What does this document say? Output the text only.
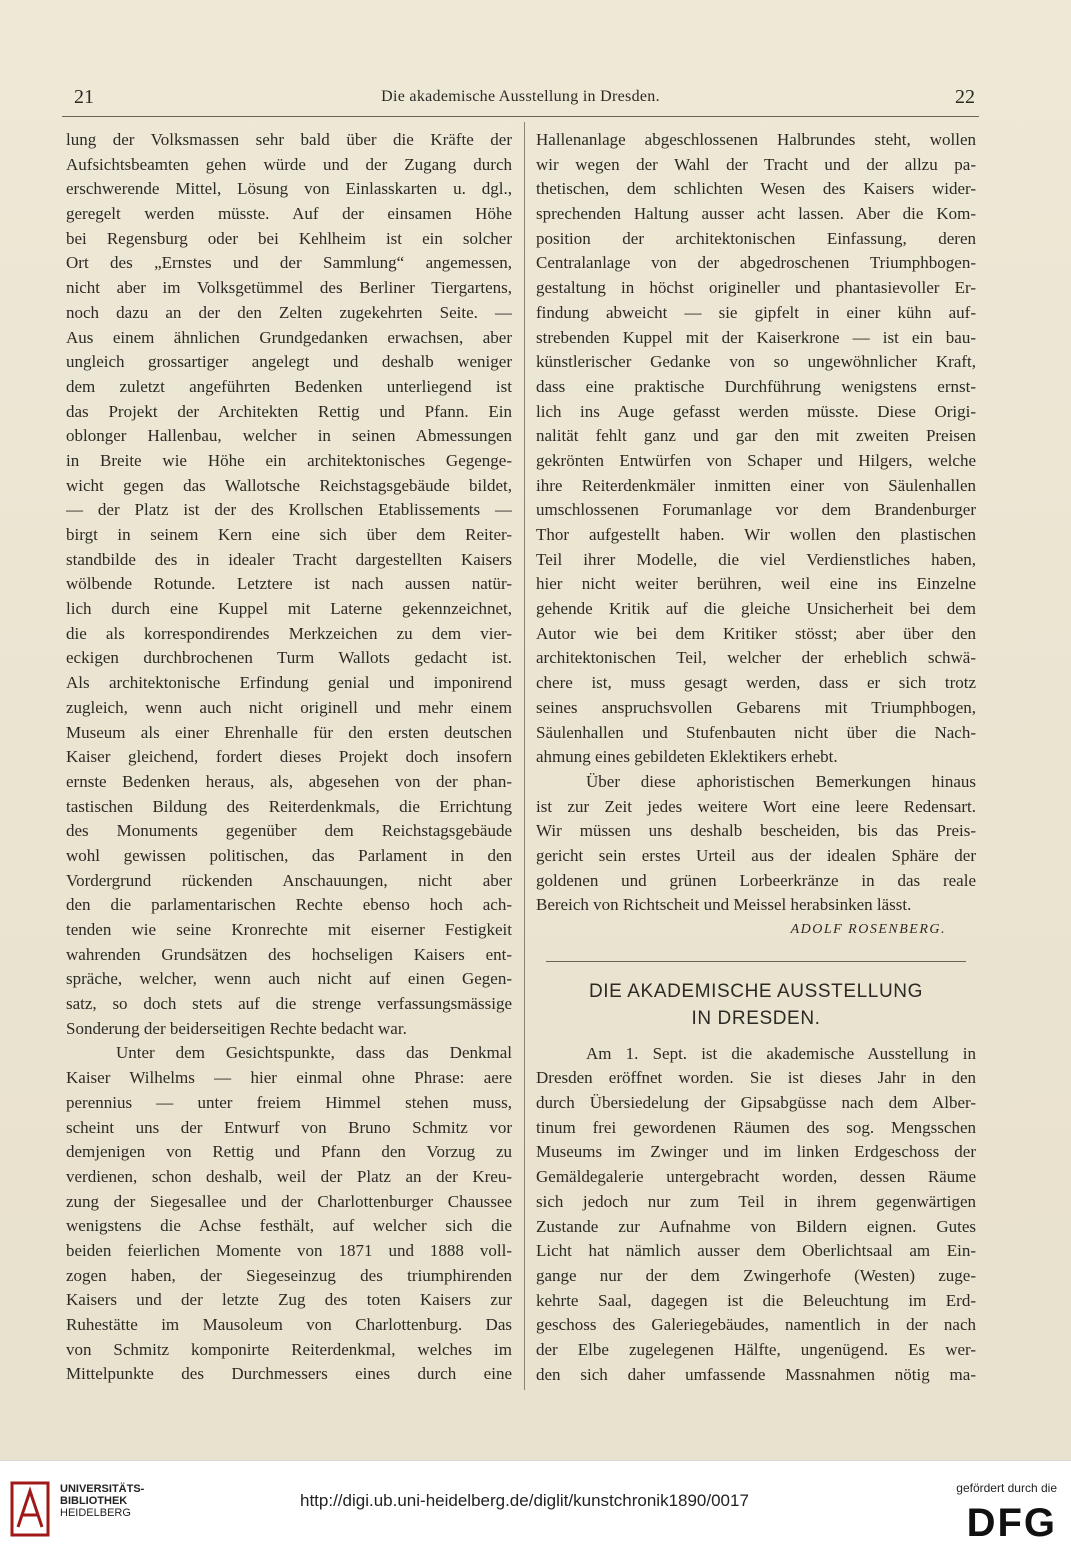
21	Die akademische Ausstellung in Dresden.	22
lung der Volksmassen sehr bald über die Kräfte der
Aufsichtsbeamten gehen würde und der Zugang durch
erschwerende Mittel, Lösung von Einlasskarten u. dgl.,
geregelt werden müsste. Auf der einsamen Höhe
bei Regensburg oder bei Kehlheim ist ein solcher
Ort des „Ernstes und der Sammlung“ angemessen,
nicht aber im Volksgetümmel des Berliner Tiergartens,
noch dazu an der den Zelten zugekehrten Seite. —
Aus einem ähnlichen Grundgedanken erwachsen, aber
ungleich grossartiger angelegt und deshalb weniger
dem zuletzt angeführten Bedenken unterliegend ist
das Projekt der Architekten Rettig und Pfann. Ein
oblonger Hallenbau, welcher in seinen Abmessungen
in Breite wie Höhe ein architektonisches Gegenge-
wicht gegen das Wallotsche Reichstagsgebäude bildet,
— der Platz ist der des Krollschen Etablissements —
birgt in seinem Kern eine sich über dem Reiter-
standbilde des in idealer Tracht dargestellten Kaisers
wölbende Rotunde. Letztere ist nach aussen natür-
lich durch eine Kuppel mit Laterne gekennzeichnet,
die als korrespondirendes Merkzeichen zu dem vier-
eckigen durchbrochenen Turm Wallots gedacht ist.
Als architektonische Erfindung genial und imponirend
zugleich, wenn auch nicht originell und mehr einem
Museum als einer Ehrenhalle für den ersten deutschen
Kaiser gleichend, fordert dieses Projekt doch insofern
ernste Bedenken heraus, als, abgesehen von der phan-
tastischen Bildung des Reiterdenkmals, die Errichtung
des Monuments gegenüber dem Reichstagsgebäude
wohl gewissen politischen, das Parlament in den
Vordergrund rückenden Anschauungen, nicht aber
den die parlamentarischen Rechte ebenso hoch ach-
tenden wie seine Kronrechte mit eiserner Festigkeit
wahrenden Grundsätzen des hochseligen Kaisers ent-
spräche, welcher, wenn auch nicht auf einen Gegen-
satz, so doch stets auf die strenge verfassungsmässige
Sonderung der beiderseitigen Rechte bedacht war.
Unter dem Gesichtspunkte, dass das Denkmal
Kaiser Wilhelms — hier einmal ohne Phrase: aere
perennius — unter freiem Himmel stehen muss,
scheint uns der Entwurf von Bruno Schmitz vor
demjenigen von Rettig und Pfann den Vorzug zu
verdienen, schon deshalb, weil der Platz an der Kreu-
zung der Siegesallee und der Charlottenburger Chaussee
wenigstens die Achse festhält, auf welcher sich die
beiden feierlichen Momente von 1871 und 1888 voll-
zogen haben, der Siegeseinzug des triumphirenden
Kaisers und der letzte Zug des toten Kaisers zur
Ruhestätte im Mausoleum von Charlottenburg. Das
von Schmitz komponirte Reiterdenkmal, welches im
Mittelpunkte des Durchmessers eines durch eine
Hallenanlage abgeschlossenen Halbrundes steht, wollen
wir wegen der Wahl der Tracht und der allzu pa-
thetischen, dem schlichten Wesen des Kaisers wider-
sprechenden Haltung ausser acht lassen. Aber die Kom-
position der architektonischen Einfassung, deren
Centralanlage von der abgedroschenen Triumphbogen-
gestaltung in höchst origineller und phantasievoller Er-
findung abweicht — sie gipfelt in einer kühn auf-
strebenden Kuppel mit der Kaiserkrone — ist ein bau-
künstlerischer Gedanke von so ungewöhnlicher Kraft,
dass eine praktische Durchführung wenigstens ernst-
lich ins Auge gefasst werden müsste. Diese Origi-
nalität fehlt ganz und gar den mit zweiten Preisen
gekrönten Entwürfen von Schaper und Hilgers, welche
ihre Reiterdenkmäler inmitten einer von Säulenhallen
umschlossenen Forumanlage vor dem Brandenburger
Thor aufgestellt haben. Wir wollen den plastischen
Teil ihrer Modelle, die viel Verdienstliches haben,
hier nicht weiter berühren, weil eine ins Einzelne
gehende Kritik auf die gleiche Unsicherheit bei dem
Autor wie bei dem Kritiker stösst; aber über den
architektonischen Teil, welcher der erheblich schwä-
chere ist, muss gesagt werden, dass er sich trotz
seines anspruchsvollen Gebarens mit Triumphbogen,
Säulenhallen und Stufenbauten nicht über die Nach-
ahmung eines gebildeten Eklektikers erhebt.
Über diese aphoristischen Bemerkungen hinaus
ist zur Zeit jedes weitere Wort eine leere Redensart.
Wir müssen uns deshalb bescheiden, bis das Preis-
gericht sein erstes Urteil aus der idealen Sphäre der
goldenen und grünen Lorbeerkränze in das reale
Bereich von Richtscheit und Meissel herabsinken lässt.
ADOLF ROSENBERG.
DIE AKADEMISCHE AUSSTELLUNG
IN DRESDEN.
Am 1. Sept. ist die akademische Ausstellung in
Dresden eröffnet worden. Sie ist dieses Jahr in den
durch Übersiedelung der Gipsabgüsse nach dem Alber-
tinum frei gewordenen Räumen des sog. Mengsschen
Museums im Zwinger und im linken Erdgeschoss der
Gemäldegalerie untergebracht worden, dessen Räume
sich jedoch nur zum Teil in ihrem gegenwärtigen
Zustande zur Aufnahme von Bildern eignen. Gutes
Licht hat nämlich ausser dem Oberlichtsaal am Ein-
gange nur der dem Zwingerhofe (Westen) zuge-
kehrte Saal, dagegen ist die Beleuchtung im Erd-
geschoss des Galeriegebäudes, namentlich in der nach
der Elbe zugelegenen Hälfte, ungenügend. Es wer-
den sich daher umfassende Massnahmen nötig ma-
UNIVERSITÄTS-
BIBLIOTHEK
HEIDELBERG
http://digi.ub.uni-heidelberg.de/diglit/kunstchronik1890/0017
gefördert durch die
DFG
